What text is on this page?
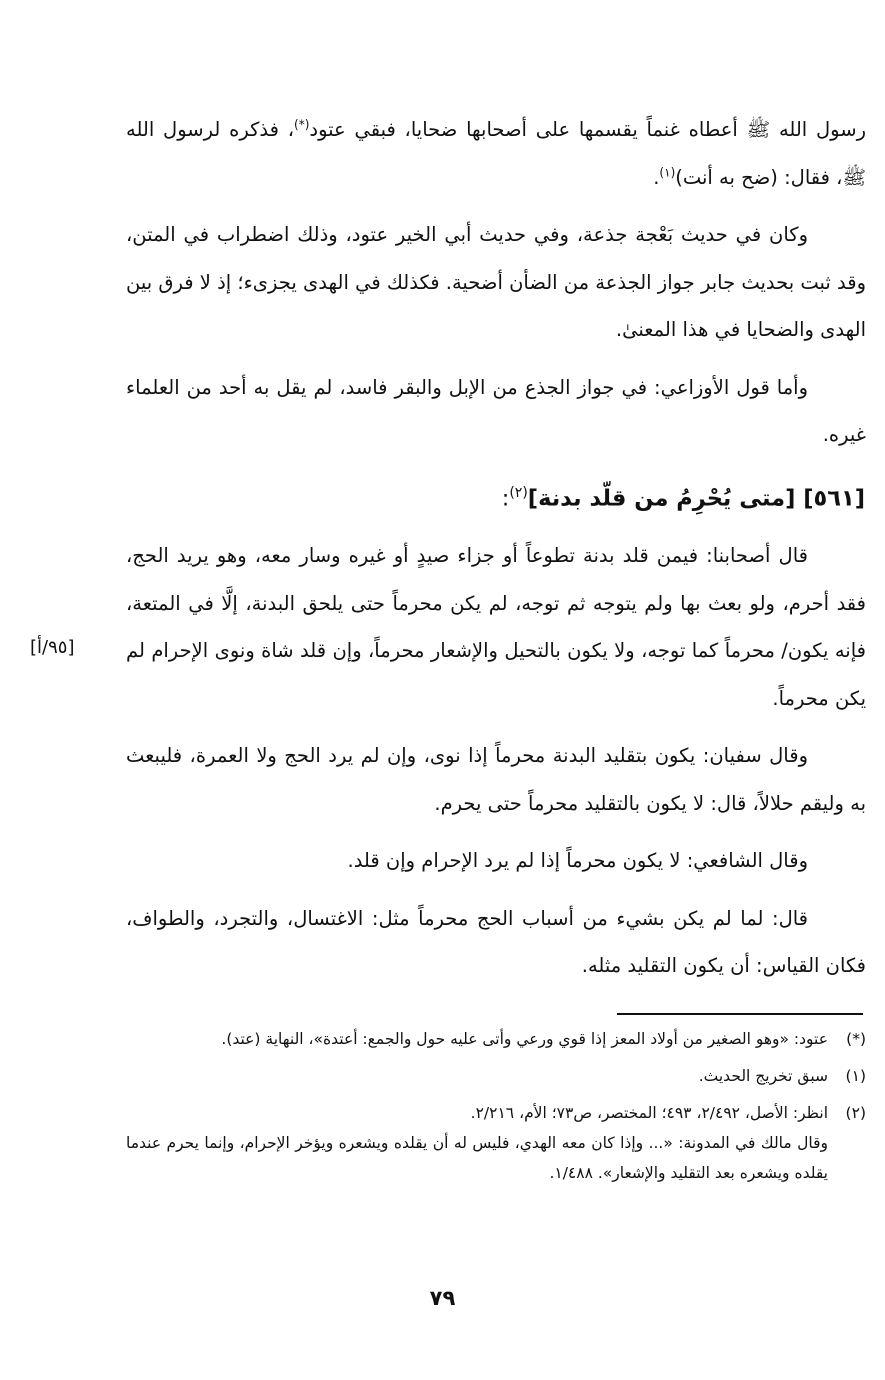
رسول الله ﷺ أعطاه غنماً يقسمها على أصحابها ضحايا، فبقي عتود(*)، فذكره لرسول الله ﷺ، فقال: (ضح به أنت)$^{(١)}$.

وكان في حديث بَعْجة جذعة، وفي حديث أبي الخير عتود، وذلك اضطراب في المتن، وقد ثبت بحديث جابر جواز الجذعة من الضأن أضحية. فكذلك في الهدى يجزىء؛ إذ لا فرق بين الهدى والضحايا في هذا المعنىٰ.

وأما قول الأوزاعي: في جواز الجذع من الإبل والبقر فاسد، لم يقل به أحد من العلماء غيره.

[٥٦١] [متى يُحْرِمُ من قلّد بدنة]$^{(٢)}$:

قال أصحابنا: فيمن قلد بدنة تطوعاً أو جزاء صيدٍ أو غيره وسار معه، وهو يريد الحج، فقد أحرم، ولو بعث بها ولم يتوجه ثم توجه، لم يكن محرماً حتى يلحق البدنة، إلَّا في المتعة، فإنه يكون/ محرماً كما توجه، ولا يكون بالتحيل والإشعار محرماً، وإن قلد شاة ونوى الإحرام لم يكن محرماً.

وقال سفيان: يكون بتقليد البدنة محرماً إذا نوى، وإن لم يرد الحج ولا العمرة، فليبعث به وليقم حلالاً، قال: لا يكون بالتقليد محرماً حتى يحرم.

وقال الشافعي: لا يكون محرماً إذا لم يرد الإحرام وإن قلد.

قال: لما لم يكن بشيء من أسباب الحج محرماً مثل: الاغتسال، والتجرد، والطواف، فكان القياس: أن يكون التقليد مثله.

[٩٥/أ]
(*)

عتود: «وهو الصغير من أولاد المعز إذا قوي ورعي وأتى عليه حول والجمع: أعتدة»، النهاية (عتد).

(١)

سبق تخريج الحديث.

(٢)

انظر: الأصل، ٢/٤٩٢، ٤٩٣؛ المختصر، ص٧٣؛ الأم، ٢/٢١٦.

وقال مالك في المدونة: «... وإذا كان معه الهدي، فليس له أن يقلده ويشعره ويؤخر الإحرام، وإنما يحرم عندما يقلده ويشعره بعد التقليد والإشعار». ١/٤٨٨.

٧٩
